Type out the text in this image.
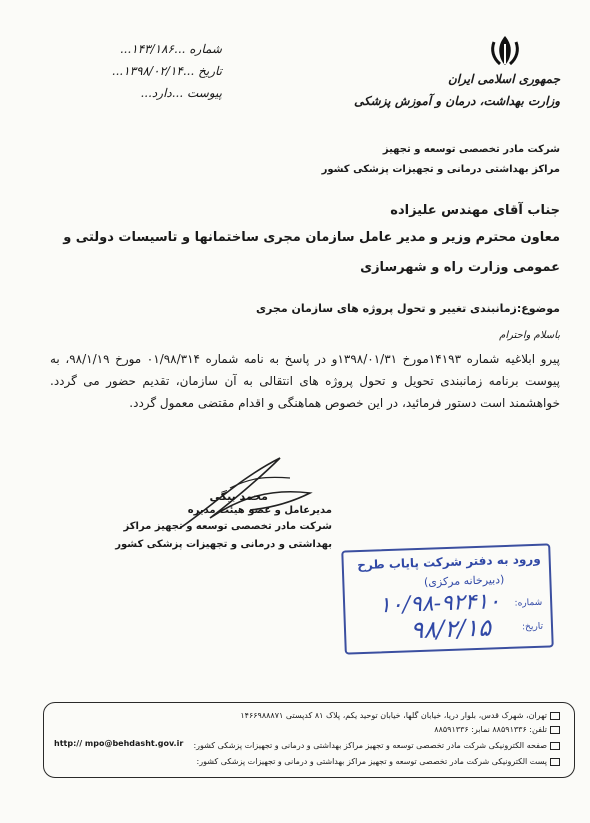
جمهوری اسلامی ایران
وزارت بهداشت، درمان و آموزش پزشکی
شرکت مادر تخصصی توسعه و تجهیز
مراکز بهداشتی درمانی و تجهیزات پزشکی کشور
شماره ...۱۴۳/۱۸۶...
تاریخ ...۱۳۹۸/۰۲/۱۴...
پیوست ...دارد...
جناب آقای مهندس علیزاده
معاون محترم وزیر و مدیر عامل سازمان مجری ساختمانها و تاسیسات دولتی و
عمومی وزارت راه و شهرسازی
موضوع:زمانبندی تغییر و تحول پروژه های سازمان مجری
باسلام واحترام
پیرو ابلاغیه شماره ۱۴۱۹۳مورخ ۱۳۹۸/۰۱/۳۱و در پاسخ به نامه شماره ۰۱/۹۸/۳۱۴ مورخ ۹۸/۱/۱۹، به پیوست برنامه زمانبندی تحویل و تحول پروژه های انتقالی به آن سازمان، تقدیم حضور می گردد. خواهشمند است دستور فرمائید، در این خصوص هماهنگی و اقدام مقتضی معمول گردد.
محمد بیگی
مدیرعامل و عضو هیئت مدیره
شرکت مادر تخصصی توسعه و تجهیز مراکز
بهداشتی و درمانی و تجهیزات پزشکی کشور
ورود به دفتر شرکت پایاب طرح
(دبیرخانه مرکزی)
شماره:
تاریخ:
۱۰/۹۸-۹۲۴۱۰
۹۸/۲/۱۵
تهران، شهرک قدس، بلوار دریا، خیابان گلها، خیابان توحید یکم، پلاک ۸۱ کدپستی ۱۴۶۶۹۸۸۸۷۱
تلفن: ۸۸۵۹۱۳۳۶ نمابر: ۸۸۵۹۱۳۳۶
صفحه الکترونیکی شرکت مادر تخصصی توسعه و تجهیز مراکز بهداشتی و درمانی و تجهیزات پزشکی کشور:
پست الکترونیکی شرکت مادر تخصصی توسعه و تجهیز مراکز بهداشتی و درمانی و تجهیزات پزشکی کشور:
http:// mpo@behdasht.gov.ir
